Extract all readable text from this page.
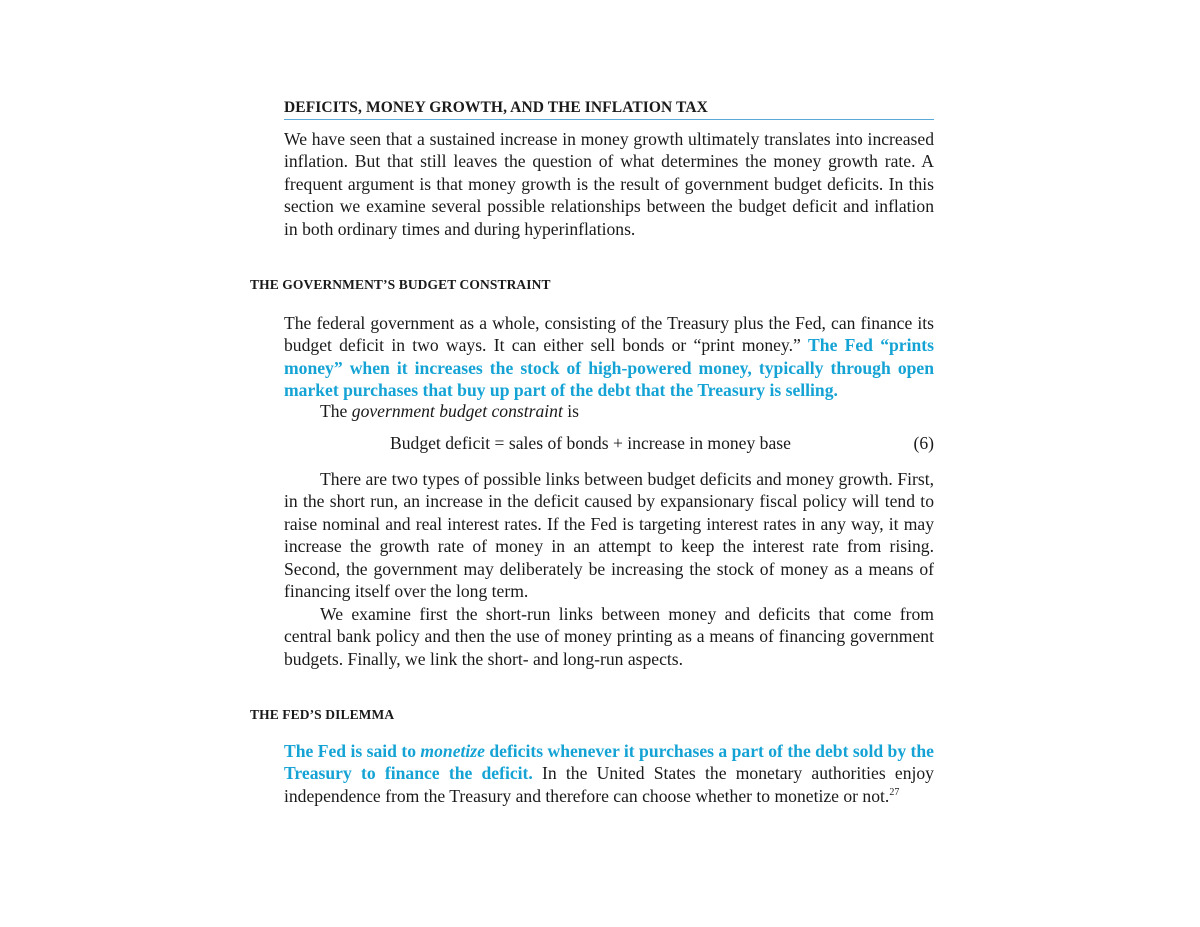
DEFICITS, MONEY GROWTH, AND THE INFLATION TAX

We have seen that a sustained increase in money growth ultimately translates into increased inflation. But that still leaves the question of what determines the money growth rate. A frequent argument is that money growth is the result of government budget deficits. In this section we examine several possible relationships between the budget deficit and inflation in both ordinary times and during hyperinflations.

THE GOVERNMENT’S BUDGET CONSTRAINT

The federal government as a whole, consisting of the Treasury plus the Fed, can finance its budget deficit in two ways. It can either sell bonds or “print money.” The Fed “prints money” when it increases the stock of high-powered money, typically through open market purchases that buy up part of the debt that the Treasury is selling.

The government budget constraint is

Budget deficit = sales of bonds + increase in money base	(6)

There are two types of possible links between budget deficits and money growth. First, in the short run, an increase in the deficit caused by expansionary fiscal policy will tend to raise nominal and real interest rates. If the Fed is targeting interest rates in any way, it may increase the growth rate of money in an attempt to keep the interest rate from rising. Second, the government may deliberately be increasing the stock of money as a means of financing itself over the long term.

We examine first the short-run links between money and deficits that come from central bank policy and then the use of money printing as a means of financing government budgets. Finally, we link the short- and long-run aspects.

THE FED’S DILEMMA

The Fed is said to monetize deficits whenever it purchases a part of the debt sold by the Treasury to finance the deficit. In the United States the monetary authorities enjoy independence from the Treasury and therefore can choose whether to monetize or not.$^{27}$
